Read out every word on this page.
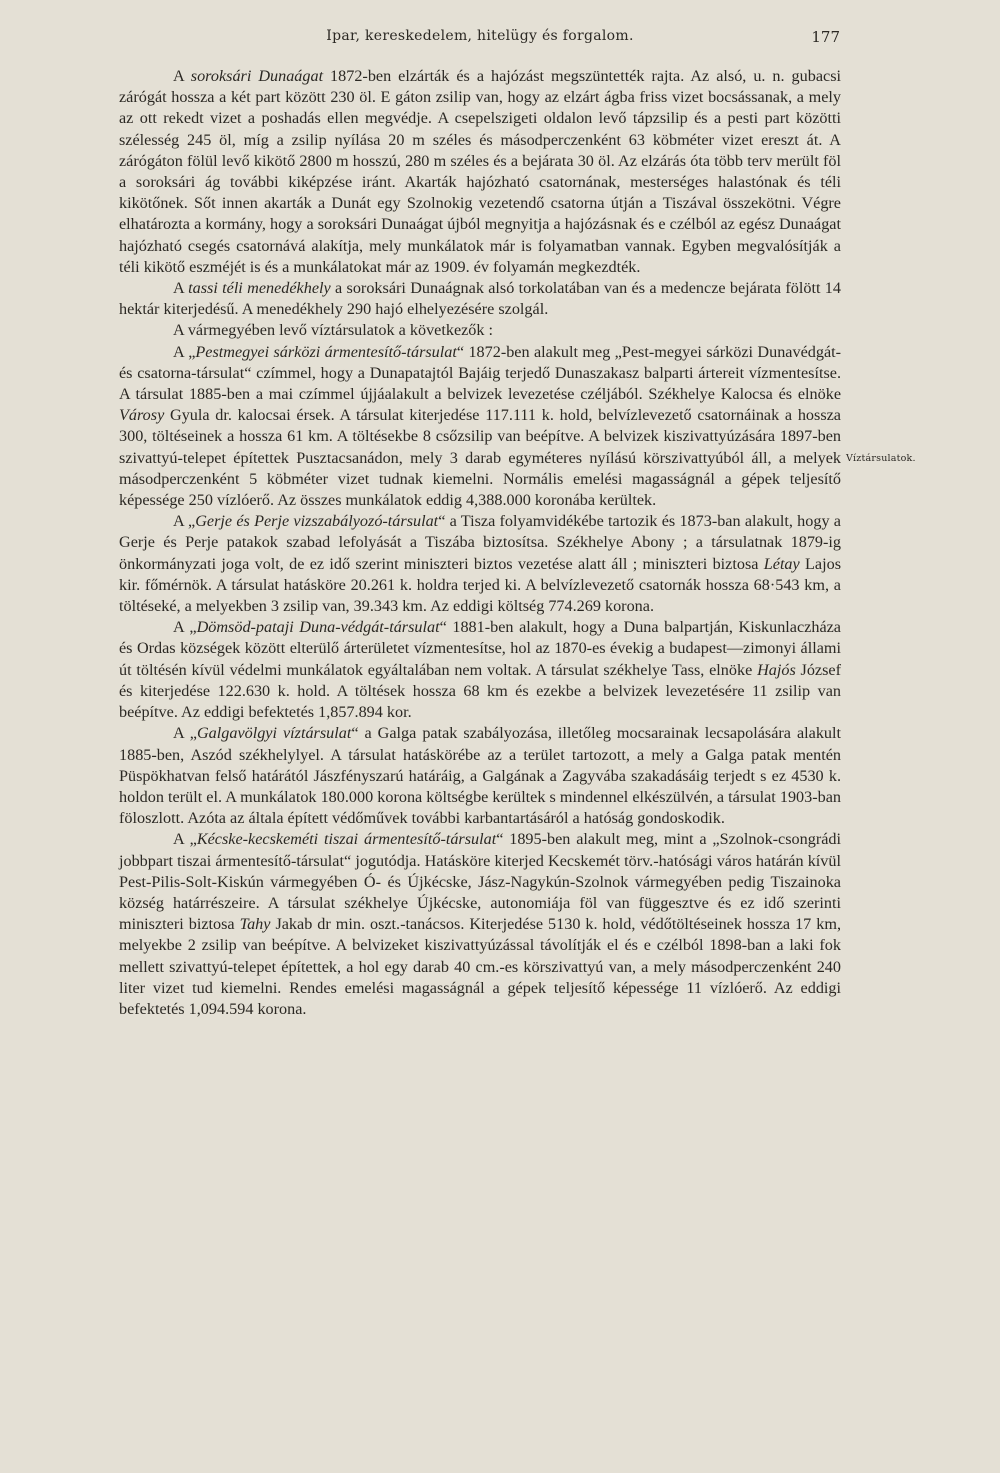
Ipar, kereskedelem, hitelügy és forgalom.	177
Víztársulatok.

A soroksári Dunaágat 1872-ben elzárták és a hajózást megszüntették rajta. Az alsó, u. n. gubacsi zárógát hossza a két part között 230 öl. E gáton zsilip van, hogy az elzárt ágba friss vizet bocsássanak, a mely az ott rekedt vizet a poshadás ellen megvédje. A csepelszigeti oldalon levő tápzsilip és a pesti part közötti szélesség 245 öl, míg a zsilip nyílása 20 m széles és másodperczenként 63 köbméter vizet ereszt át. A zárógáton fölül levő kikötő 2800 m hosszú, 280 m széles és a bejárata 30 öl. Az elzárás óta több terv merült föl a soroksári ág további kiképzése iránt. Akarták hajózható csatornának, mesterséges halastónak és téli kikötőnek. Sőt innen akarták a Dunát egy Szolnokig vezetendő csatorna útján a Tiszával összekötni. Végre elhatározta a kormány, hogy a soroksári Dunaágat újból megnyitja a hajózásnak és e czélból az egész Dunaágat hajózható csegés csatornává alakítja, mely munkálatok már is folyamatban vannak. Egyben megvalósítják a téli kikötő eszméjét is és a munkálatokat már az 1909. év folyamán megkezdték.

A tassi téli menedékhely a soroksári Dunaágnak alsó torkolatában van és a medencze bejárata fölött 14 hektár kiterjedésű. A menedékhely 290 hajó elhelyezésére szolgál.

A vármegyében levő víztársulatok a következők :

A „Pestmegyei sárközi ármentesítő-társulat“ 1872-ben alakult meg „Pest-megyei sárközi Dunavédgát- és csatorna-társulat“ czímmel, hogy a Dunapatajtól Bajáig terjedő Dunaszakasz balparti ártereit vízmentesítse. A társulat 1885-ben a mai czímmel újjáalakult a belvizek levezetése czéljából. Székhelye Kalocsa és elnöke Városy Gyula dr. kalocsai érsek. A társulat kiterjedése 117.111 k. hold, belvízlevezető csatornáinak a hossza 300, töltéseinek a hossza 61 km. A töltésekbe 8 csőzsilip van beépítve. A belvizek kiszivattyúzására 1897-ben szivattyú-telepet építettek Pusztacsanádon, mely 3 darab egyméteres nyílású körszivattyúból áll, a melyek másodperczenként 5 köbméter vizet tudnak kiemelni. Normális emelési magasságnál a gépek teljesítő képessége 250 vízlóerő. Az összes munkálatok eddig 4,388.000 koronába kerültek.

A „Gerje és Perje vizszabályozó-társulat“ a Tisza folyamvidékébe tartozik és 1873-ban alakult, hogy a Gerje és Perje patakok szabad lefolyását a Tiszába biztosítsa. Székhelye Abony ; a társulatnak 1879-ig önkormányzati joga volt, de ez idő szerint miniszteri biztos vezetése alatt áll ; miniszteri biztosa Létay Lajos kir. főmérnök. A társulat hatásköre 20.261 k. holdra terjed ki. A belvízlevezető csatornák hossza 68·543 km, a töltéseké, a melyekben 3 zsilip van, 39.343 km. Az eddigi költség 774.269 korona.

A „Dömsöd-pataji Duna-védgát-társulat“ 1881-ben alakult, hogy a Duna balpartján, Kiskunlaczháza és Ordas községek között elterülő árterületet vízmentesítse, hol az 1870-es évekig a budapest—zimonyi állami út töltésén kívül védelmi munkálatok egyáltalában nem voltak. A társulat székhelye Tass, elnöke Hajós József és kiterjedése 122.630 k. hold. A töltések hossza 68 km és ezekbe a belvizek levezetésére 11 zsilip van beépítve. Az eddigi befektetés 1,857.894 kor.

A „Galgavölgyi víztársulat“ a Galga patak szabályozása, illetőleg mocsarainak lecsapolására alakult 1885-ben, Aszód székhelylyel. A társulat hatáskörébe az a terület tartozott, a mely a Galga patak mentén Püspökhatvan felső határától Jászfényszarú határáig, a Galgának a Zagyvába szakadásáig terjedt s ez 4530 k. holdon terült el. A munkálatok 180.000 korona költségbe kerültek s mindennel elkészülvén, a társulat 1903-ban föloszlott. Azóta az általa épített védőművek további karbantartásáról a hatóság gondoskodik.

A „Kécske-kecskeméti tiszai ármentesítő-társulat“ 1895-ben alakult meg, mint a „Szolnok-csongrádi jobbpart tiszai ármentesítő-társulat“ jogutódja. Hatásköre kiterjed Kecskemét törv.-hatósági város határán kívül Pest-Pilis-Solt-Kiskún vármegyében Ó- és Újkécske, Jász-Nagykún-Szolnok vármegyében pedig Tiszainoka község határrészeire. A társulat székhelye Újkécske, autonomiája föl van függesztve és ez idő szerinti miniszteri biztosa Tahy Jakab dr min. oszt.-tanácsos. Kiterjedése 5130 k. hold, védőtöltéseinek hossza 17 km, melyekbe 2 zsilip van beépítve. A belvizeket kiszivattyúzással távolítják el és e czélból 1898-ban a laki fok mellett szivattyú-telepet építettek, a hol egy darab 40 cm.-es körszivattyú van, a mely másodperczenként 240 liter vizet tud kiemelni. Rendes emelési magasságnál a gépek teljesítő képessége 11 vízlóerő. Az eddigi befektetés 1,094.594 korona.
